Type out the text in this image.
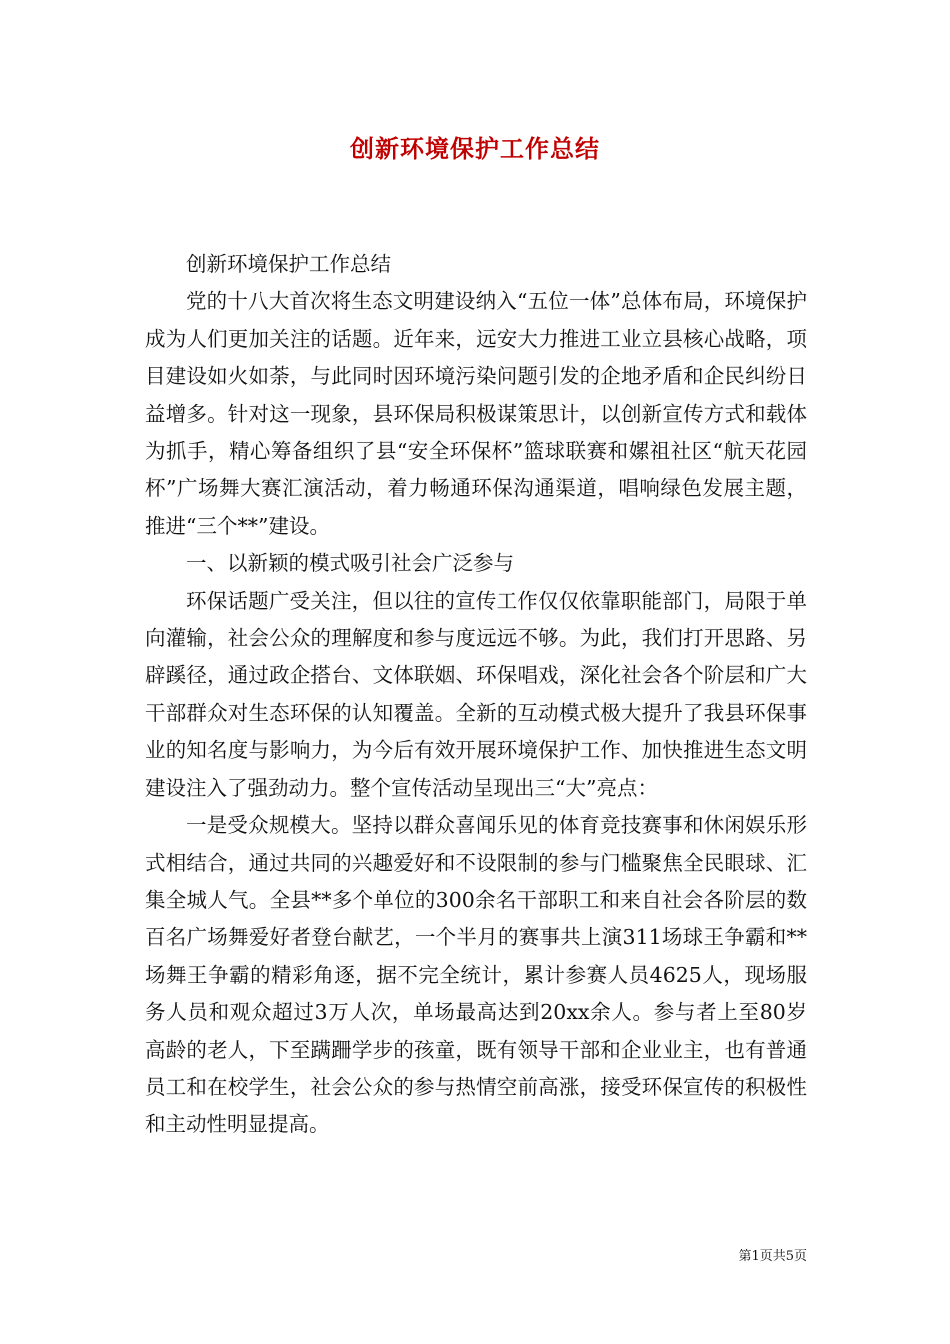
创新环境保护工作总结

创新环境保护工作总结

党的十八大首次将生态文明建设纳入“五位一体”总体布局，环境保护成为人们更加关注的话题。近年来，远安大力推进工业立县核心战略，项目建设如火如荼，与此同时因环境污染问题引发的企地矛盾和企民纠纷日益增多。针对这一现象，县环保局积极谋策思计，以创新宣传方式和载体为抓手，精心筹备组织了县“安全环保杯”篮球联赛和嫘祖社区“航天花园杯”广场舞大赛汇演活动，着力畅通环保沟通渠道，唱响绿色发展主题，推进“三个**”建设。

一、以新颖的模式吸引社会广泛参与

环保话题广受关注，但以往的宣传工作仅仅依靠职能部门，局限于单向灌输，社会公众的理解度和参与度远远不够。为此，我们打开思路、另辟蹊径，通过政企搭台、文体联姻、环保唱戏，深化社会各个阶层和广大干部群众对生态环保的认知覆盖。全新的互动模式极大提升了我县环保事业的知名度与影响力，为今后有效开展环境保护工作、加快推进生态文明建设注入了强劲动力。整个宣传活动呈现出三“大”亮点：

一是受众规模大。坚持以群众喜闻乐见的体育竞技赛事和休闲娱乐形式相结合，通过共同的兴趣爱好和不设限制的参与门槛聚焦全民眼球、汇集全城人气。全县**多个单位的300余名干部职工和来自社会各阶层的数百名广场舞爱好者登台献艺，一个半月的赛事共上演311场球王争霸和**场舞王争霸的精彩角逐，据不完全统计，累计参赛人员4625人，现场服务人员和观众超过3万人次，单场最高达到20xx余人。参与者上至80岁高龄的老人，下至蹒跚学步的孩童，既有领导干部和企业业主，也有普通员工和在校学生，社会公众的参与热情空前高涨，接受环保宣传的积极性和主动性明显提高。

第1页共5页
